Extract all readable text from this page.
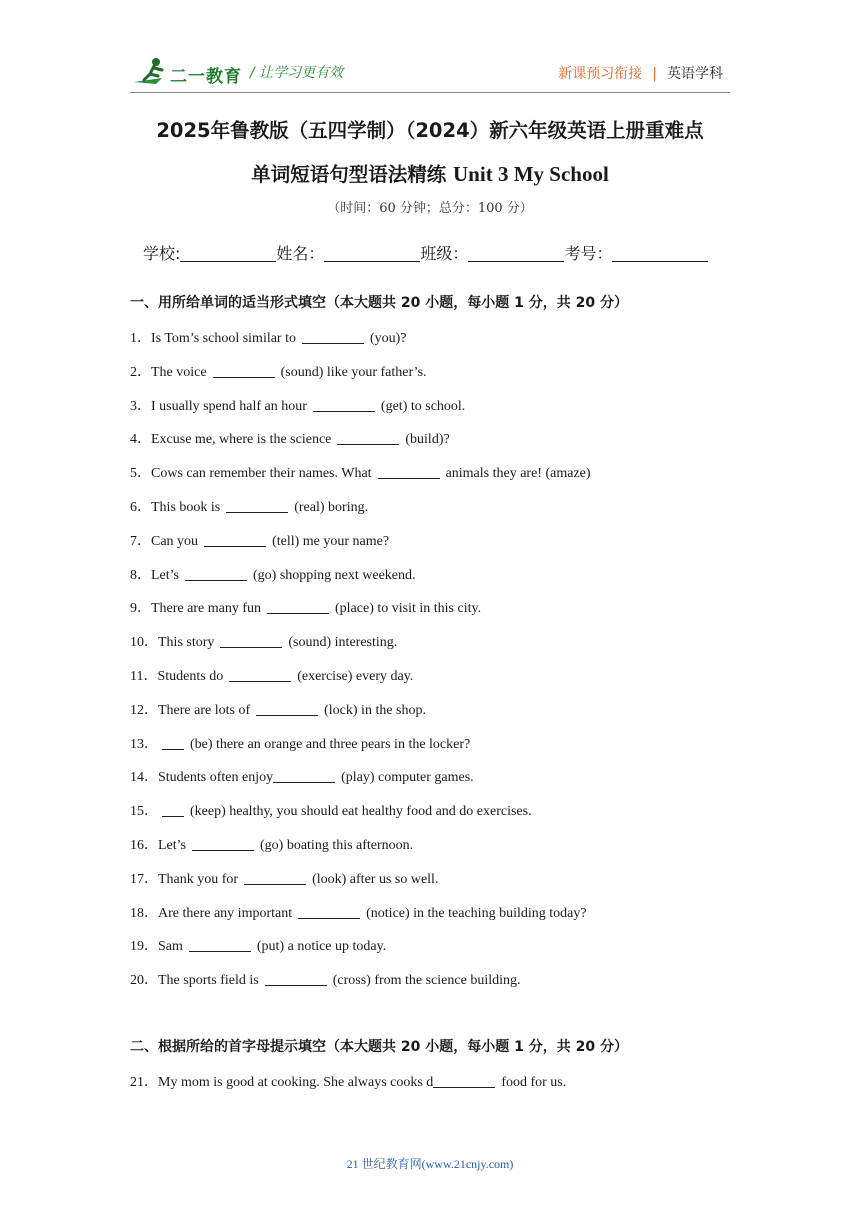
二一教育 / 让学习更有效	新课预习衔接 | 英语学科
2025年鲁教版（五四学制）（2024）新六年级英语上册重难点
单词短语句型语法精练 Unit 3 My School
（时间：60 分钟；总分：100 分）
学校:	姓名：	班级：	考号：
一、用所给单词的适当形式填空（本大题共 20 小题，每小题 1 分，共 20 分）
1．Is Tom’s school similar to	(you)?
2．The voice	(sound) like your father’s.
3．I usually spend half an hour	(get) to school.
4．Excuse me, where is the science	(build)?
5．Cows can remember their names. What	animals they are! (amaze)
6．This book is	(real) boring.
7．Can you	(tell) me your name?
8．Let’s	(go) shopping next weekend.
9．There are many fun	(place) to visit in this city.
10．This story	(sound) interesting.
11．Students do	(exercise) every day.
12．There are lots of	(lock) in the shop.
13． (be) there an orange and three pears in the locker?
14．Students often enjoy	(play) computer games.
15． (keep) healthy, you should eat healthy food and do exercises.
16．Let’s	(go) boating this afternoon.
17．Thank you for	(look) after us so well.
18．Are there any important	(notice) in the teaching building today?
19．Sam	(put) a notice up today.
20．The sports field is	(cross) from the science building.
二、根据所给的首字母提示填空（本大题共 20 小题，每小题 1 分，共 20 分）
21．My mom is good at cooking. She always cooks d	food for us.
21 世纪教育网(www.21cnjy.com)
